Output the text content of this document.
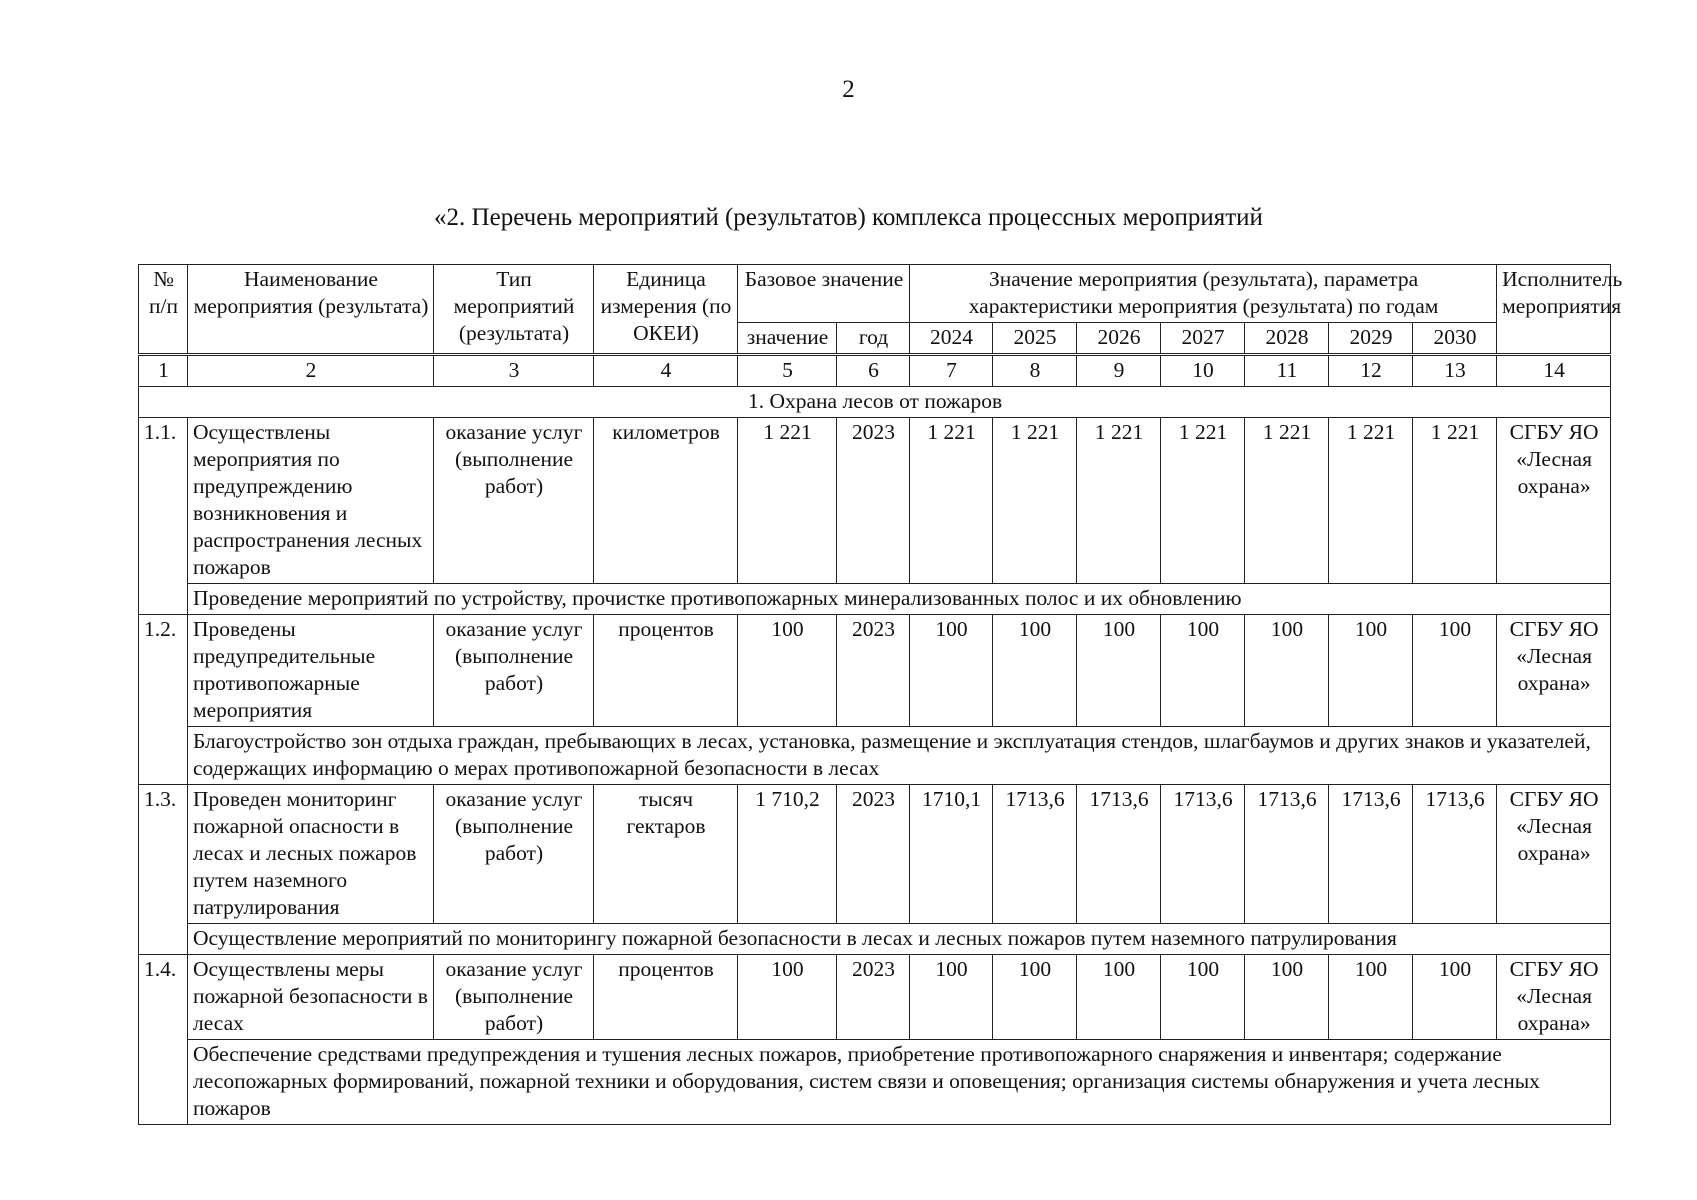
2
«2. Перечень мероприятий (результатов) комплекса процессных мероприятий
№ п/п	Наименование мероприятия (результата)	Тип мероприятий (результата)	Единица измерения (по ОКЕИ)	Базовое значение		Значение мероприятия (результата), параметра характеристики мероприятия (результата) по годам							Исполнитель мероприятия
				значение	год	2024	2025	2026	2027	2028	2029	2030	
1	2	3	4	5	6	7	8	9	10	11	12	13	14
1. Охрана лесов от пожаров													
1.1.	Осуществлены мероприятия по предупреждению возникновения и распространения лесных пожаров	оказание услуг (выполнение работ)	километров	1 221	2023	1 221	1 221	1 221	1 221	1 221	1 221	1 221	СГБУ ЯО «Лесная охрана»
	Проведение мероприятий по устройству, прочистке противопожарных минерализованных полос и их обновлению												
1.2.	Проведены предупредительные противопожарные мероприятия	оказание услуг (выполнение работ)	процентов	100	2023	100	100	100	100	100	100	100	СГБУ ЯО «Лесная охрана»
	Благоустройство зон отдыха граждан, пребывающих в лесах, установка, размещение и эксплуатация стендов, шлагбаумов и других знаков и указателей, содержащих информацию о мерах противопожарной безопасности в лесах												
1.3.	Проведен мониторинг пожарной опасности в лесах и лесных пожаров путем наземного патрулирования	оказание услуг (выполнение работ)	тысяч гектаров	1 710,2	2023	1710,1	1713,6	1713,6	1713,6	1713,6	1713,6	1713,6	СГБУ ЯО «Лесная охрана»
	Осуществление мероприятий по мониторингу пожарной безопасности в лесах и лесных пожаров путем наземного патрулирования												
1.4.	Осуществлены меры пожарной безопасности в лесах	оказание услуг (выполнение работ)	процентов	100	2023	100	100	100	100	100	100	100	СГБУ ЯО «Лесная охрана»
	Обеспечение средствами предупреждения и тушения лесных пожаров, приобретение противопожарного снаряжения и инвентаря; содержание лесопожарных формирований, пожарной техники и оборудования, систем связи и оповещения; организация системы обнаружения и учета лесных пожаров												
